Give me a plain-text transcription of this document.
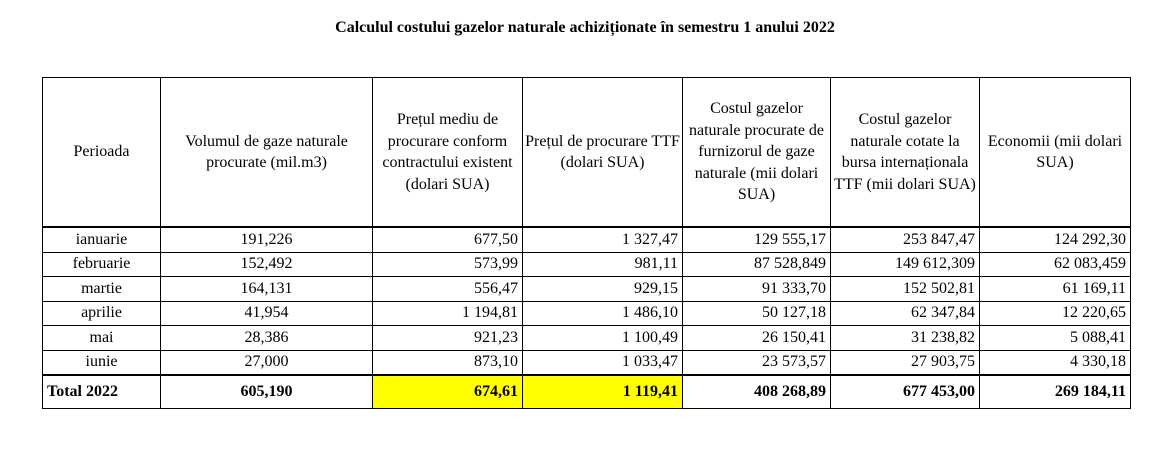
Calculul costului gazelor naturale achiziționate în semestru 1 anului 2022
Perioada	Volumul de gaze naturale procurate (mil.m3)	Prețul mediu de procurare conform contractului existent (dolari SUA)	Prețul de procurare TTF (dolari SUA)	Costul gazelor naturale procurate de furnizorul de gaze naturale (mii dolari SUA)	Costul gazelor naturale cotate la bursa internaționala TTF (mii dolari SUA)	Economii (mii dolari SUA)
ianuarie	191,226	677,50	1 327,47	129 555,17	253 847,47	124 292,30
februarie	152,492	573,99	981,11	87 528,849	149 612,309	62 083,459
martie	164,131	556,47	929,15	91 333,70	152 502,81	61 169,11
aprilie	41,954	1 194,81	1 486,10	50 127,18	62 347,84	12 220,65
mai	28,386	921,23	1 100,49	26 150,41	31 238,82	5 088,41
iunie	27,000	873,10	1 033,47	23 573,57	27 903,75	4 330,18
Total 2022	605,190	674,61	1 119,41	408 268,89	677 453,00	269 184,11
